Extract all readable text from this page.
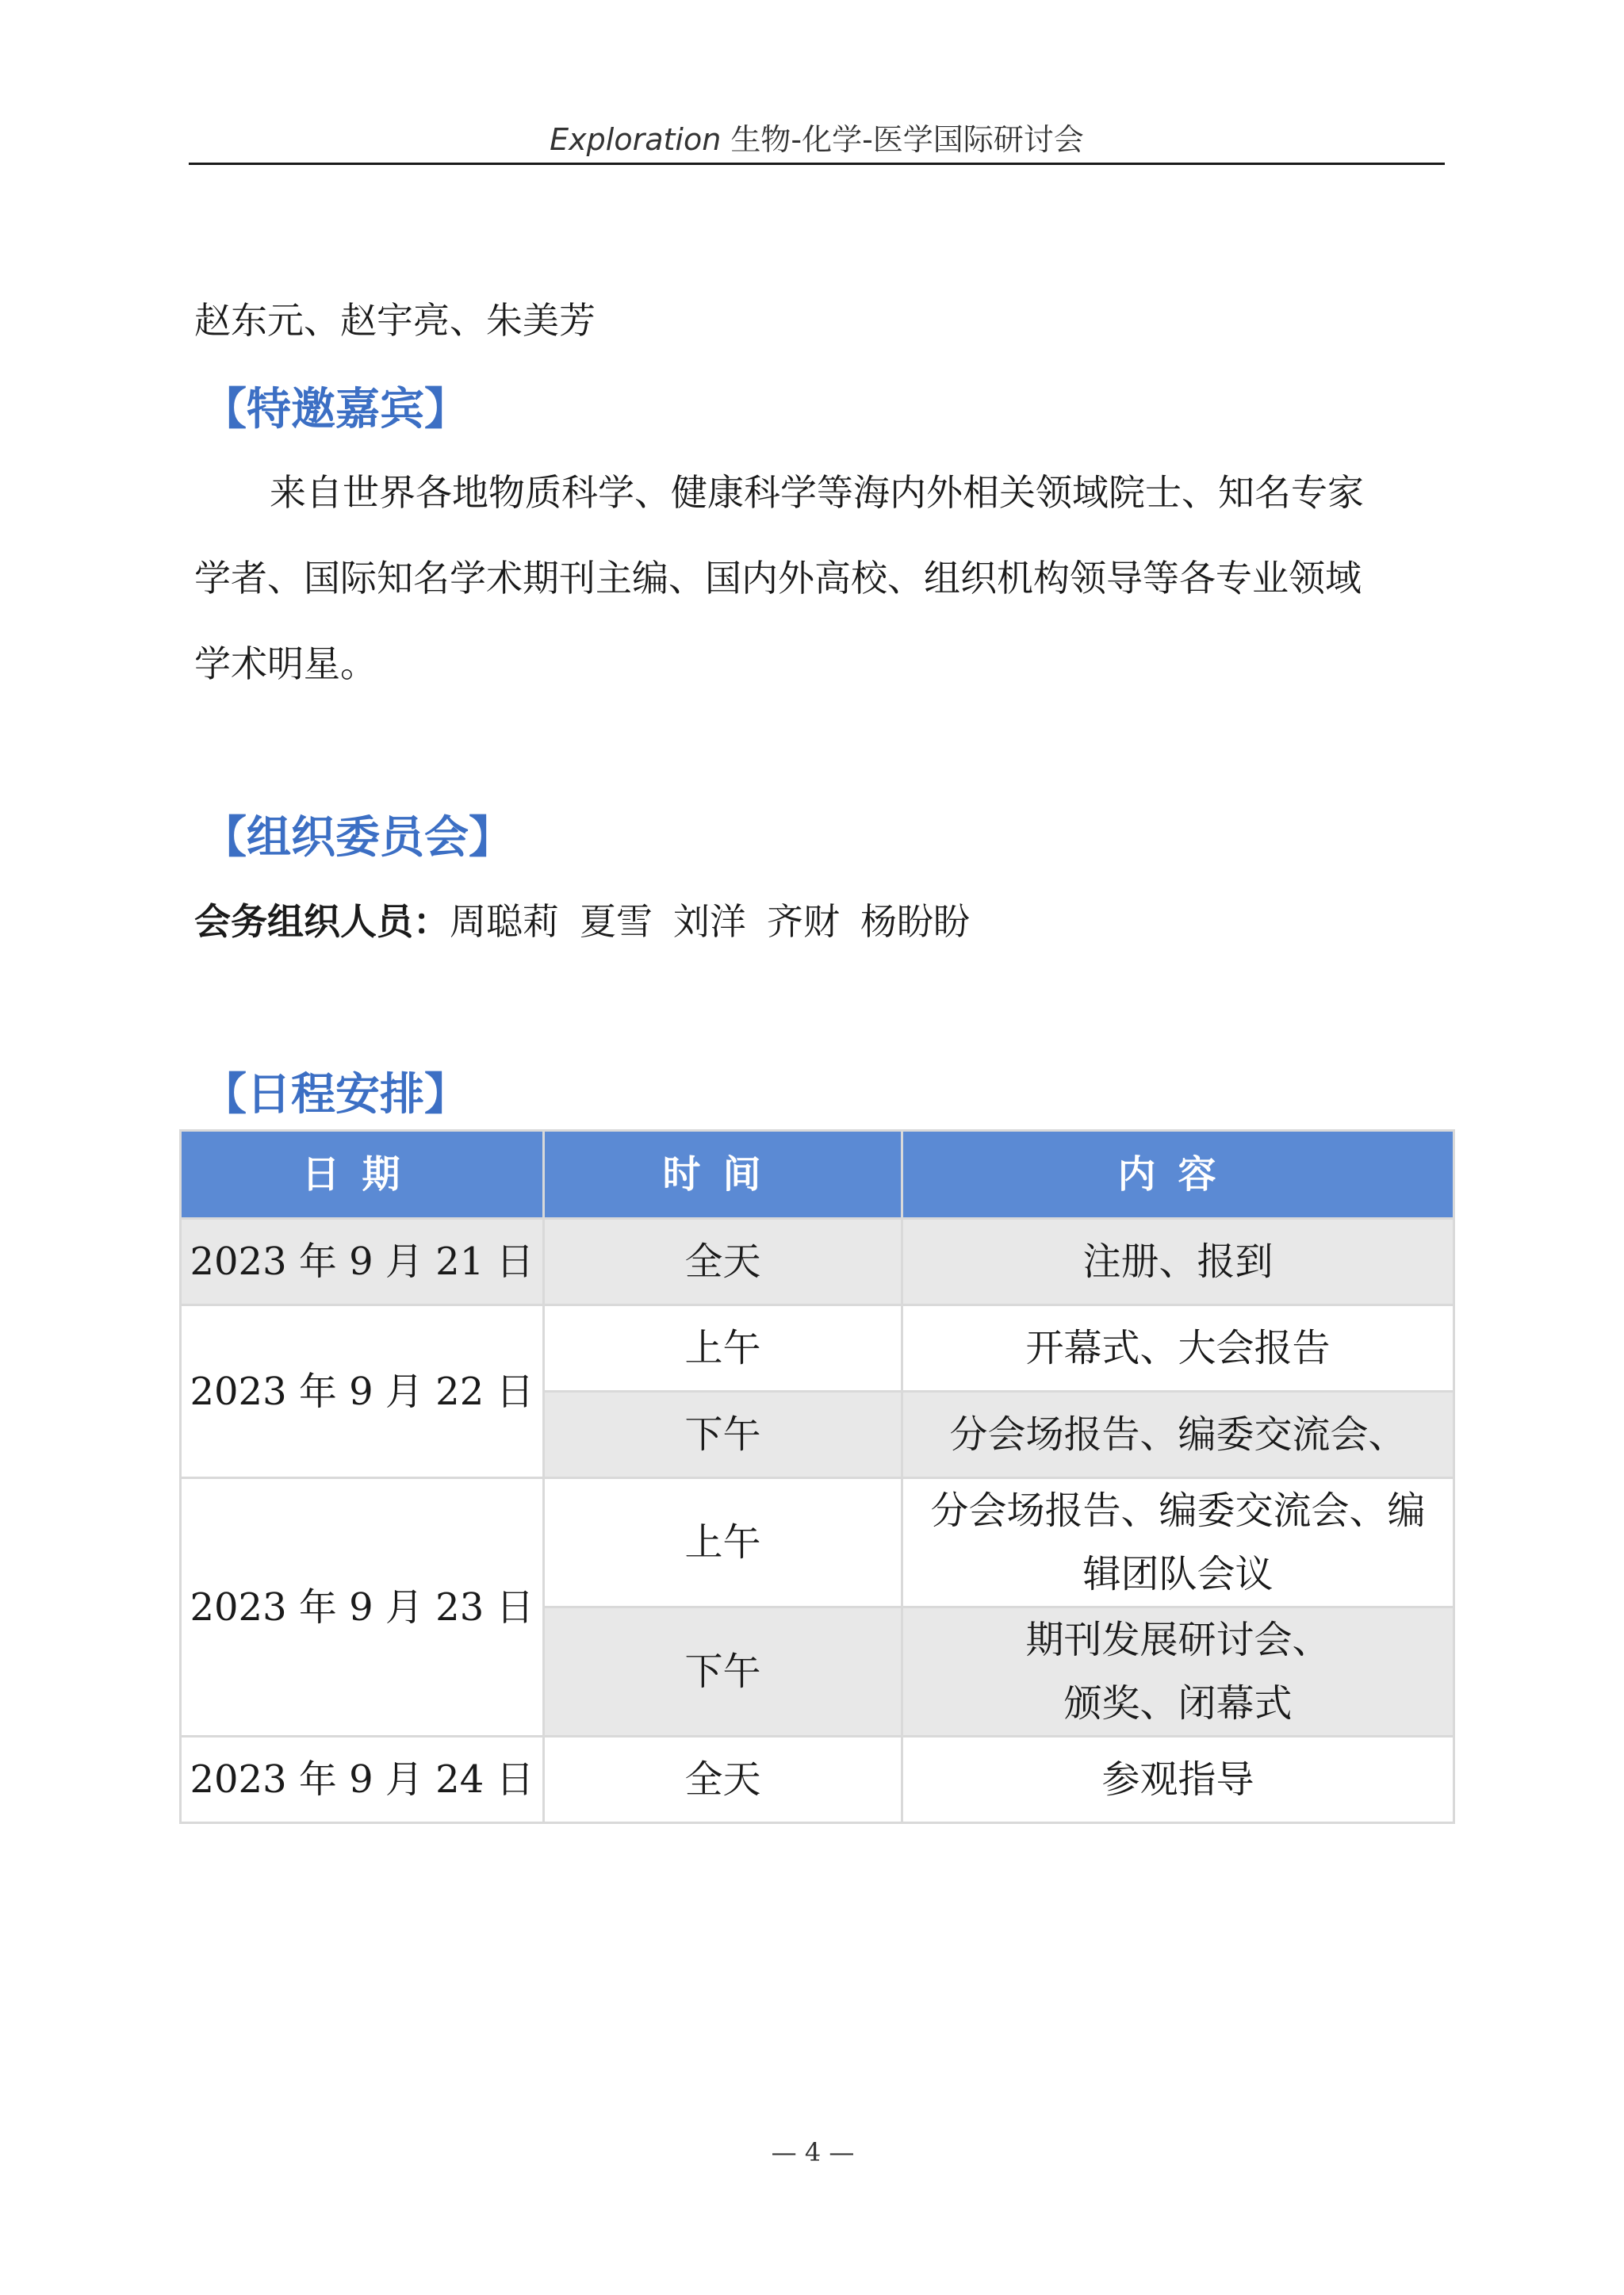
Exploration 生物-化学-医学国际研讨会
赵东元、赵宇亮、朱美芳
【特邀嘉宾】
来自世界各地物质科学、健康科学等海内外相关领域院士、知名专家
学者、国际知名学术期刊主编、国内外高校、组织机构领导等各专业领域
学术明星。
【组织委员会】
会务组织人员：周聪莉 夏雪 刘洋 齐财 杨盼盼
【日程安排】
日期	时间	内容
2023 年 9 月 21 日	全天	注册、报到
2023 年 9 月 22 日	上午	开幕式、大会报告
	下午	分会场报告、编委交流会、
2023 年 9 月 23 日	上午	分会场报告、编委交流会、编
辑团队会议

	下午	期刊发展研讨会、
颁奖、闭幕式

2023 年 9 月 24 日	全天	参观指导
— 4 —
